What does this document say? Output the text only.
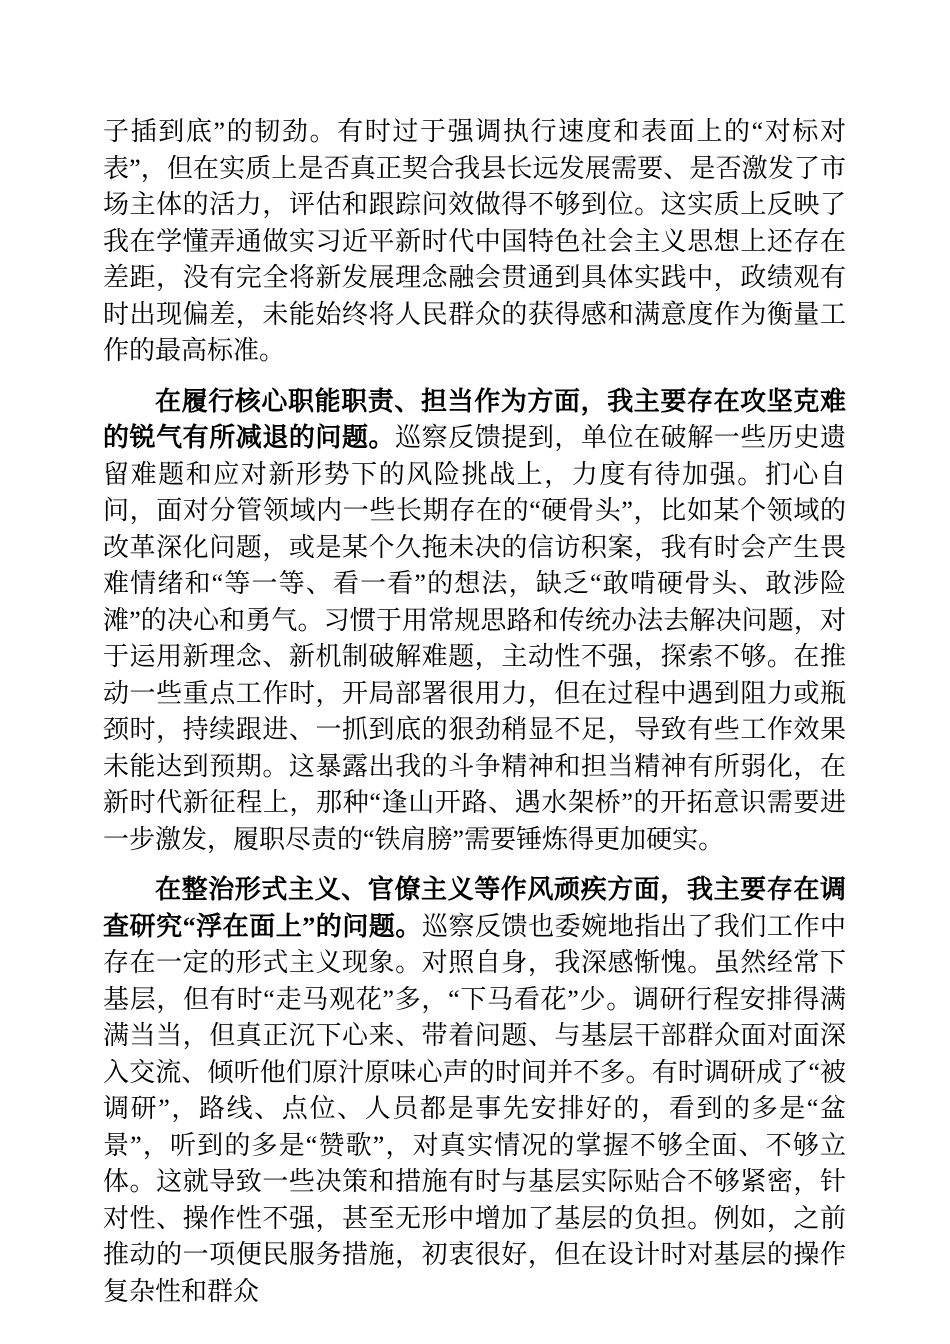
子插到底”的韧劲。有时过于强调执行速度和表面上的“对标对表”，但在实质上是否真正契合我县长远发展需要、是否激发了市场主体的活力，评估和跟踪问效做得不够到位。这实质上反映了我在学懂弄通做实习近平新时代中国特色社会主义思想上还存在差距，没有完全将新发展理念融会贯通到具体实践中，政绩观有时出现偏差，未能始终将人民群众的获得感和满意度作为衡量工作的最高标准。

在履行核心职能职责、担当作为方面，我主要存在攻坚克难的锐气有所减退的问题。巡察反馈提到，单位在破解一些历史遗留难题和应对新形势下的风险挑战上，力度有待加强。扪心自问，面对分管领域内一些长期存在的“硬骨头”，比如某个领域的改革深化问题，或是某个久拖未决的信访积案，我有时会产生畏难情绪和“等一等、看一看”的想法，缺乏“敢啃硬骨头、敢涉险滩”的决心和勇气。习惯于用常规思路和传统办法去解决问题，对于运用新理念、新机制破解难题，主动性不强，探索不够。在推动一些重点工作时，开局部署很用力，但在过程中遇到阻力或瓶颈时，持续跟进、一抓到底的狠劲稍显不足，导致有些工作效果未能达到预期。这暴露出我的斗争精神和担当精神有所弱化，在新时代新征程上，那种“逢山开路、遇水架桥”的开拓意识需要进一步激发，履职尽责的“铁肩膀”需要锤炼得更加硬实。

在整治形式主义、官僚主义等作风顽疾方面，我主要存在调查研究“浮在面上”的问题。巡察反馈也委婉地指出了我们工作中存在一定的形式主义现象。对照自身，我深感惭愧。虽然经常下基层，但有时“走马观花”多，“下马看花”少。调研行程安排得满满当当，但真正沉下心来、带着问题、与基层干部群众面对面深入交流、倾听他们原汁原味心声的时间并不多。有时调研成了“被调研”，路线、点位、人员都是事先安排好的，看到的多是“盆景”，听到的多是“赞歌”，对真实情况的掌握不够全面、不够立体。这就导致一些决策和措施有时与基层实际贴合不够紧密，针对性、操作性不强，甚至无形中增加了基层的负担。例如，之前推动的一项便民服务措施，初衷很好，但在设计时对基层的操作复杂性和群众
